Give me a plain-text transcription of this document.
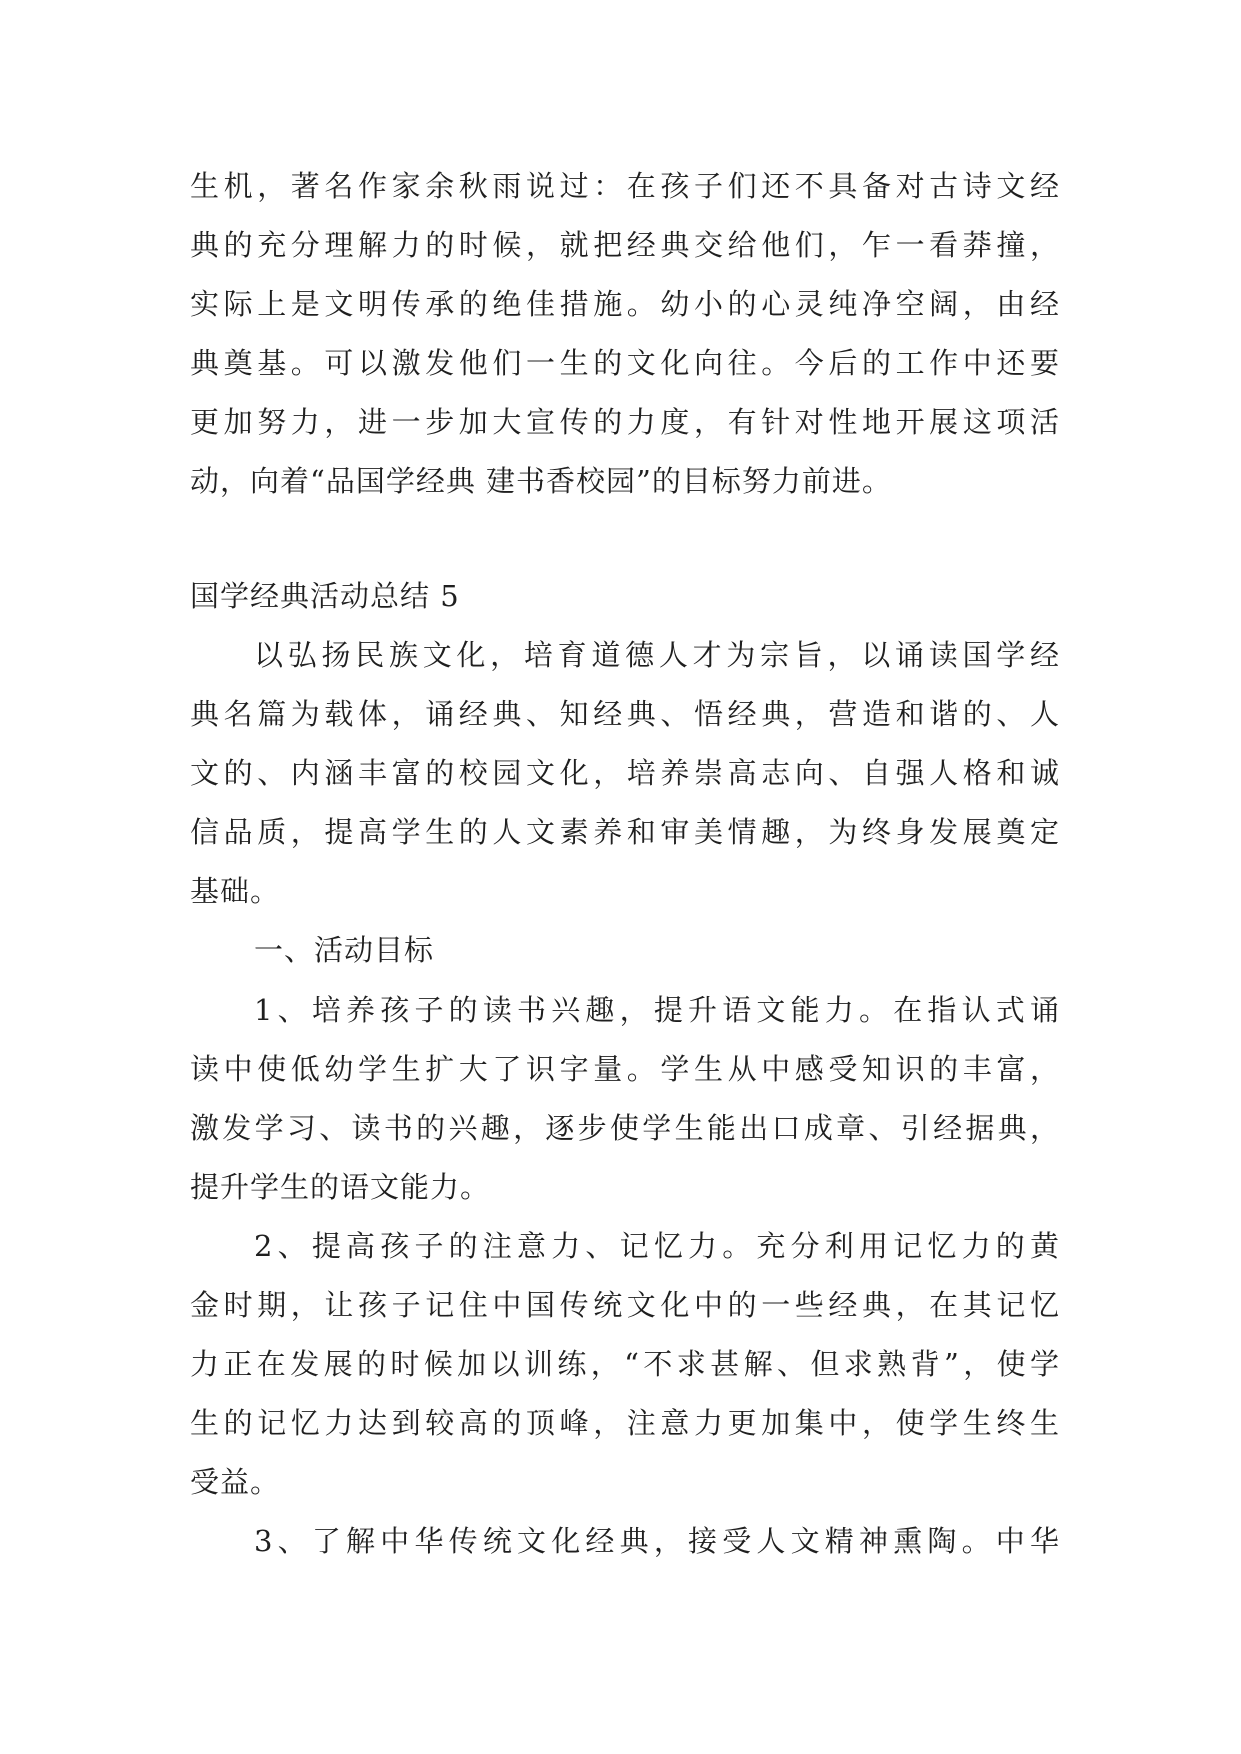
生机，著名作家余秋雨说过：在孩子们还不具备对古诗文经
典的充分理解力的时候，就把经典交给他们，乍一看莽撞，
实际上是文明传承的绝佳措施。幼小的心灵纯净空阔，由经
典奠基。可以激发他们一生的文化向往。今后的工作中还要
更加努力，进一步加大宣传的力度，有针对性地开展这项活
动，向着“品国学经典 建书香校园”的目标努力前进。
国学经典活动总结 5
以弘扬民族文化，培育道德人才为宗旨，以诵读国学经
典名篇为载体，诵经典、知经典、悟经典，营造和谐的、人
文的、内涵丰富的校园文化，培养崇高志向、自强人格和诚
信品质，提高学生的人文素养和审美情趣，为终身发展奠定
基础。
一、活动目标
1、培养孩子的读书兴趣，提升语文能力。在指认式诵
读中使低幼学生扩大了识字量。学生从中感受知识的丰富，
激发学习、读书的兴趣，逐步使学生能出口成章、引经据典，
提升学生的语文能力。
2、提高孩子的注意力、记忆力。充分利用记忆力的黄
金时期，让孩子记住中国传统文化中的一些经典，在其记忆
力正在发展的时候加以训练，“不求甚解、但求熟背”，使学
生的记忆力达到较高的顶峰，注意力更加集中，使学生终生
受益。
3、了解中华传统文化经典，接受人文精神熏陶。中华
